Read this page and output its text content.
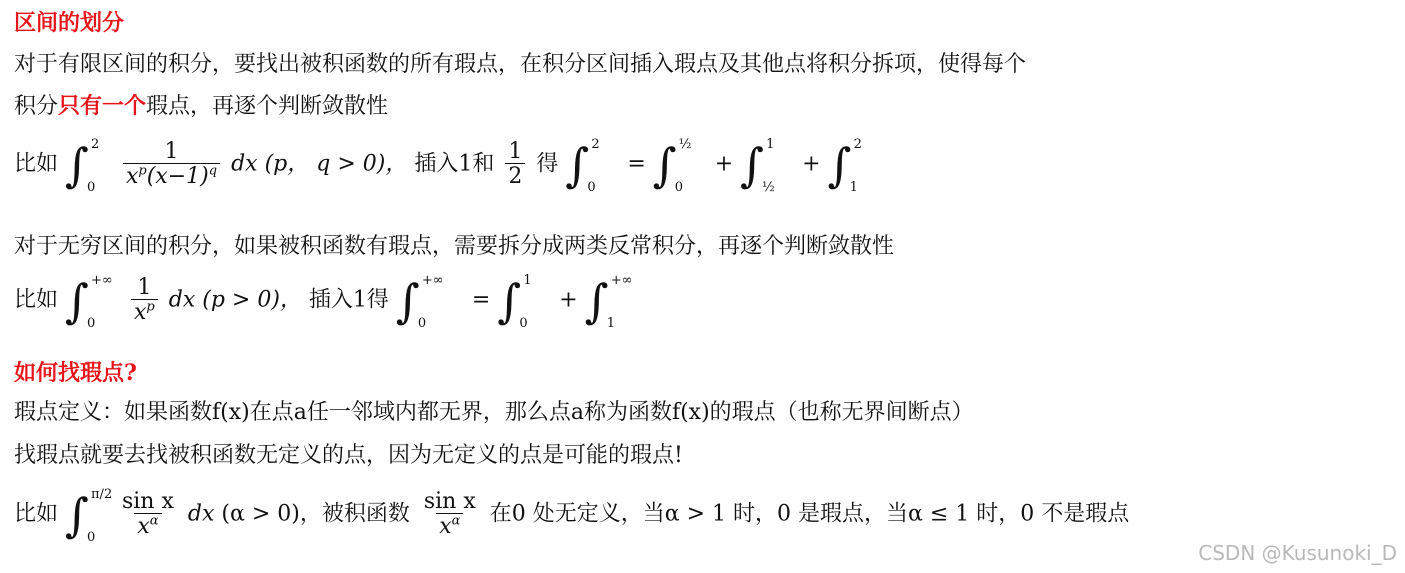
区间的划分
对于有限区间的积分，要找出被积函数的所有瑕点，在积分区间插入瑕点及其他点将积分拆项，使得每个
积分只有一个瑕点，再逐个判断敛散性
比如 ∫ 2
0
$\frac{1}{x^p(x-1)^q}$ dx (p， q > 0)， 插入1和 $\frac{1}{2}$ 得 ∫ 2
0
= ∫ ½
0
+ ∫ 1
½
+ ∫ 2
1
对于无穷区间的积分，如果被积函数有瑕点，需要拆分成两类反常积分，再逐个判断敛散性
比如 ∫ +∞
0
$\frac{1}{x^p}$ dx (p > 0)， 插入1得 ∫ +∞
0
= ∫ 1
0
+ ∫ +∞
1
如何找瑕点?
瑕点定义：如果函数f(x)在点a任一邻域内都无界，那么点a称为函数f(x)的瑕点（也称无界间断点）
找瑕点就要去找被积函数无定义的点，因为无定义的点是可能的瑕点!
比如 ∫ π/2
0
$\frac{\text{sin x}}{x^\alpha}$ dx (α > 0)，被积函数 $\frac{\text{sin x}}{x^\alpha}$ 在0 处无定义，当α > 1 时，0 是瑕点，当α ≤ 1 时，0 不是瑕点
CSDN @Kusunoki_D
